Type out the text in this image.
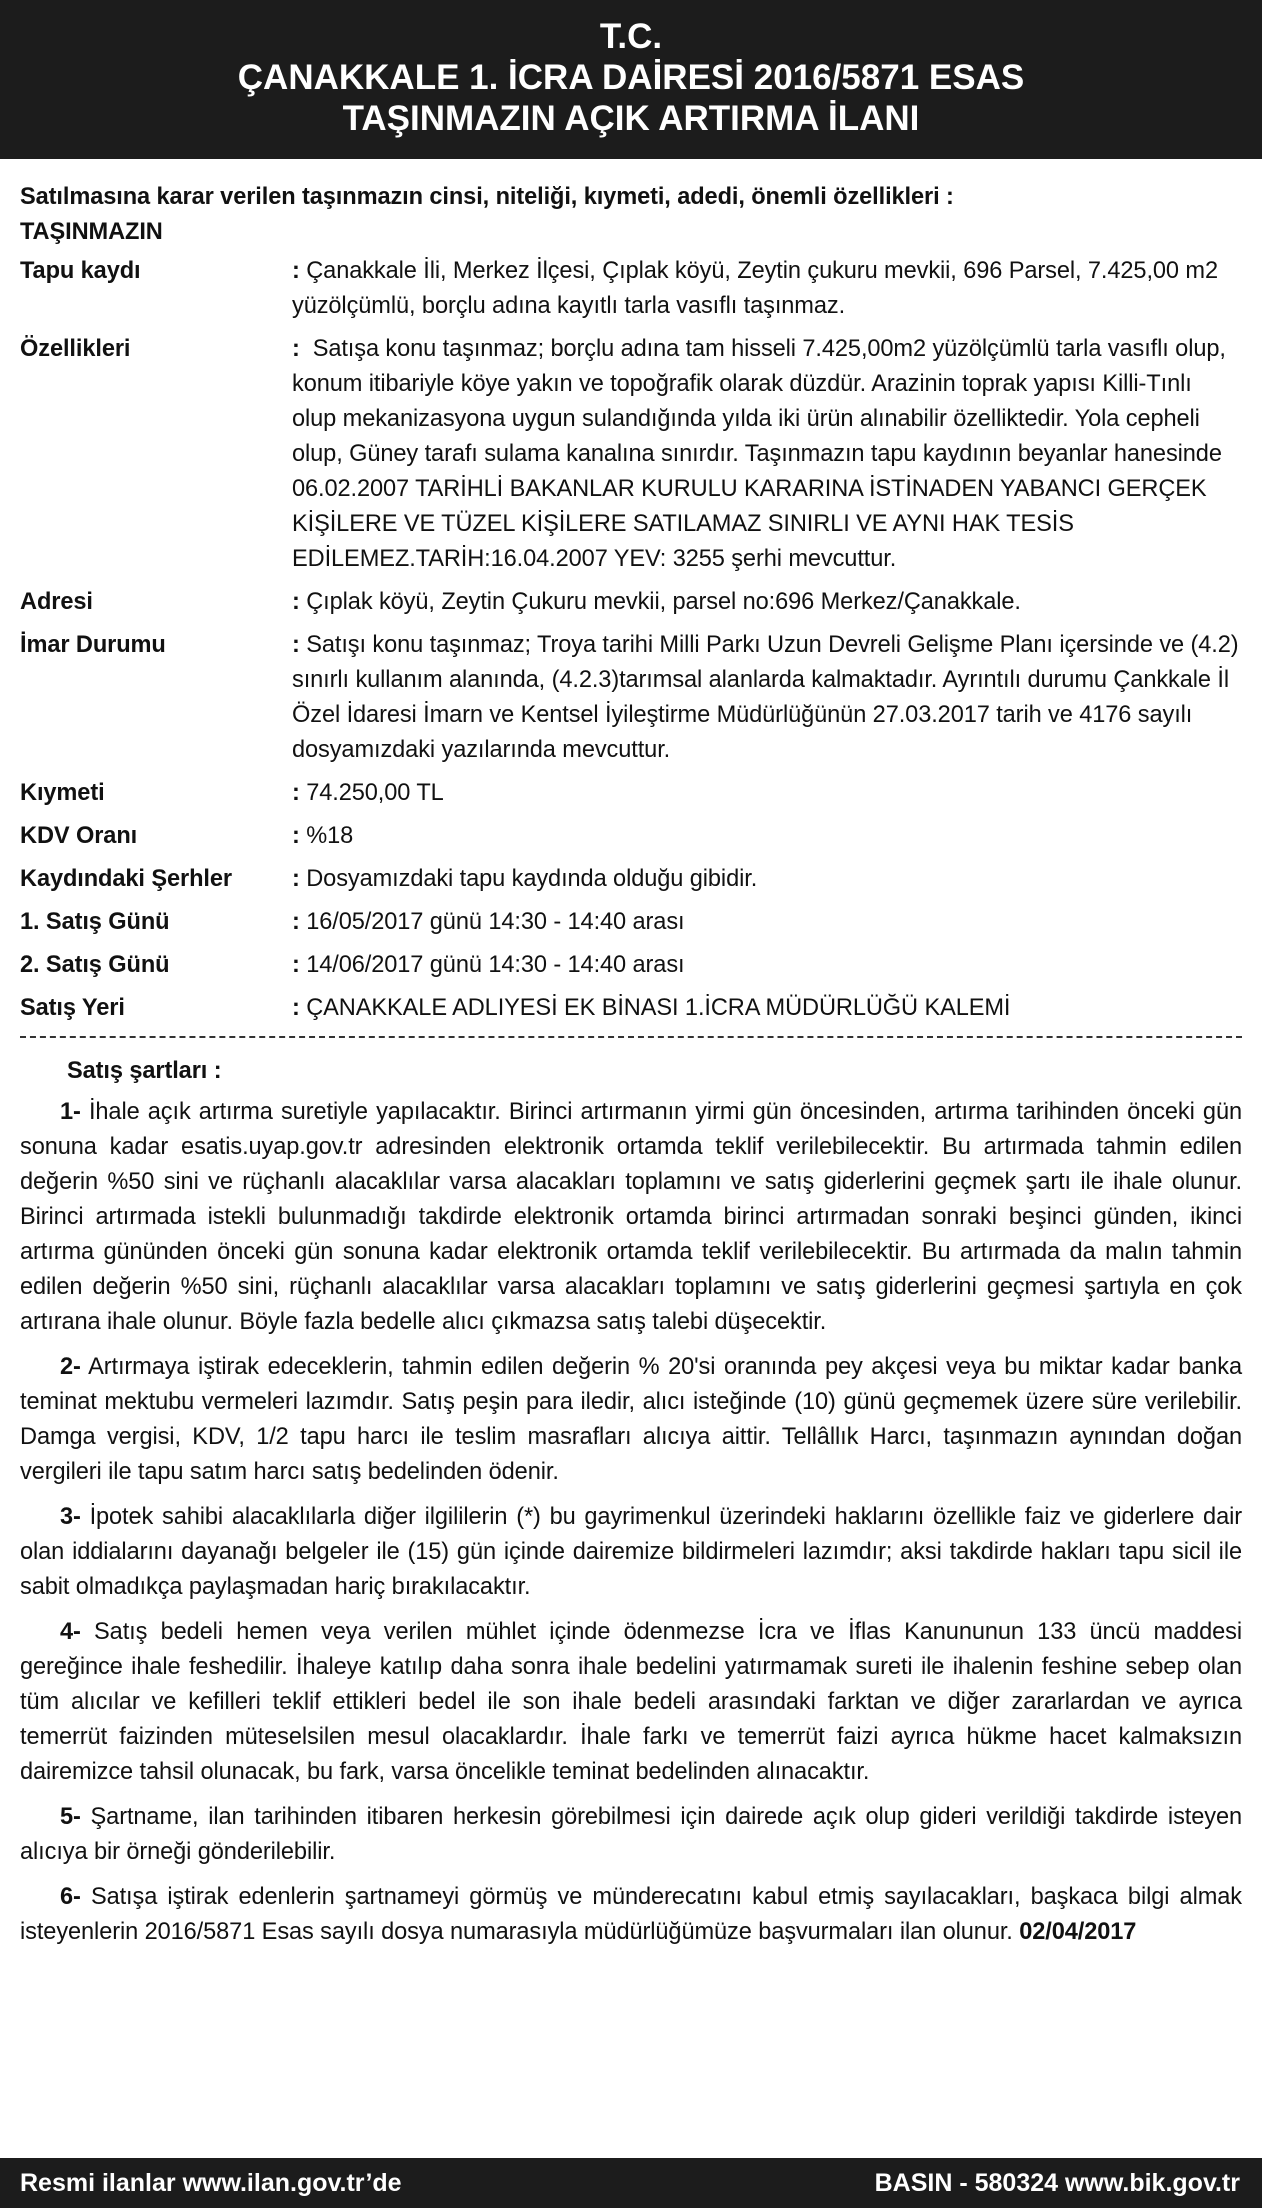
T.C.
ÇANAKKALE 1. İCRA DAİRESİ 2016/5871 ESAS
TAŞINMAZIN AÇIK ARTIRMA İLANI

Satılmasına karar verilen taşınmazın cinsi, niteliği, kıymeti, adedi, önemli özellikleri :

TAŞINMAZIN

Tapu kaydı	: Çanakkale İli, Merkez İlçesi, Çıplak köyü, Zeytin çukuru mevkii, 696 Parsel, 7.425,00 m2 yüzölçümlü, borçlu adına kayıtlı tarla vasıflı taşınmaz.
Özellikleri	: Satışa konu taşınmaz; borçlu adına tam hisseli 7.425,00m2 yüzölçümlü tarla vasıflı olup, konum itibariyle köye yakın ve topoğrafik olarak düzdür. Arazinin toprak yapısı Killi-Tınlı olup mekanizasyona uygun sulandığında yılda iki ürün alınabilir özelliktedir. Yola cepheli olup, Güney tarafı sulama kanalına sınırdır. Taşınmazın tapu kaydının beyanlar hanesinde 06.02.2007 TARİHLİ BAKANLAR KURULU KARARINA İSTİNADEN YABANCI GERÇEK KİŞİLERE VE TÜZEL KİŞİLERE SATILAMAZ SINIRLI VE AYNI HAK TESİS EDİLEMEZ.TARİH:16.04.2007 YEV: 3255 şerhi mevcuttur.
Adresi	: Çıplak köyü, Zeytin Çukuru mevkii, parsel no:696 Merkez/Çanakkale.
İmar Durumu	: Satışı konu taşınmaz; Troya tarihi Milli Parkı Uzun Devreli Gelişme Planı içersinde ve (4.2) sınırlı kullanım alanında, (4.2.3)tarımsal alanlarda kalmaktadır. Ayrıntılı durumu Çankkale İl Özel İdaresi İmarn ve Kentsel İyileştirme Müdürlüğünün 27.03.2017 tarih ve 4176 sayılı dosyamızdaki yazılarında mevcuttur.
Kıymeti	: 74.250,00 TL
KDV Oranı	: %18
Kaydındaki Şerhler	: Dosyamızdaki tapu kaydında olduğu gibidir.
1. Satış Günü	: 16/05/2017 günü 14:30 - 14:40 arası
2. Satış Günü	: 14/06/2017 günü 14:30 - 14:40 arası
Satış Yeri	: ÇANAKKALE ADLIYESİ EK BİNASI 1.İCRA MÜDÜRLÜĞÜ KALEMİ

Satış şartları :

1- İhale açık artırma suretiyle yapılacaktır. Birinci artırmanın yirmi gün öncesinden, artırma tarihinden önceki gün sonuna kadar esatis.uyap.gov.tr adresinden elektronik ortamda teklif verilebilecektir. Bu artırmada tahmin edilen değerin %50 sini ve rüçhanlı alacaklılar varsa alacakları toplamını ve satış giderlerini geçmek şartı ile ihale olunur. Birinci artırmada istekli bulunmadığı takdirde elektronik ortamda birinci artırmadan sonraki beşinci günden, ikinci artırma gününden önceki gün sonuna kadar elektronik ortamda teklif verilebilecektir. Bu artırmada da malın tahmin edilen değerin %50 sini, rüçhanlı alacaklılar varsa alacakları toplamını ve satış giderlerini geçmesi şartıyla en çok artırana ihale olunur. Böyle fazla bedelle alıcı çıkmazsa satış talebi düşecektir.

2- Artırmaya iştirak edeceklerin, tahmin edilen değerin % 20'si oranında pey akçesi veya bu miktar kadar banka teminat mektubu vermeleri lazımdır. Satış peşin para iledir, alıcı isteğinde (10) günü geçmemek üzere süre verilebilir. Damga vergisi, KDV, 1/2 tapu harcı ile teslim masrafları alıcıya aittir. Tellâllık Harcı, taşınmazın aynından doğan vergileri ile tapu satım harcı satış bedelinden ödenir.

3- İpotek sahibi alacaklılarla diğer ilgililerin (*) bu gayrimenkul üzerindeki haklarını özellikle faiz ve giderlere dair olan iddialarını dayanağı belgeler ile (15) gün içinde dairemize bildirmeleri lazımdır; aksi takdirde hakları tapu sicil ile sabit olmadıkça paylaşmadan hariç bırakılacaktır.

4- Satış bedeli hemen veya verilen mühlet içinde ödenmezse İcra ve İflas Kanununun 133 üncü maddesi gereğince ihale feshedilir. İhaleye katılıp daha sonra ihale bedelini yatırmamak sureti ile ihalenin feshine sebep olan tüm alıcılar ve kefilleri teklif ettikleri bedel ile son ihale bedeli arasındaki farktan ve diğer zararlardan ve ayrıca temerrüt faizinden müteselsilen mesul olacaklardır. İhale farkı ve temerrüt faizi ayrıca hükme hacet kalmaksızın dairemizce tahsil olunacak, bu fark, varsa öncelikle teminat bedelinden alınacaktır.

5- Şartname, ilan tarihinden itibaren herkesin görebilmesi için dairede açık olup gideri verildiği takdirde isteyen alıcıya bir örneği gönderilebilir.

6- Satışa iştirak edenlerin şartnameyi görmüş ve münderecatını kabul etmiş sayılacakları, başkaca bilgi almak isteyenlerin 2016/5871 Esas sayılı dosya numarasıyla müdürlüğümüze başvurmaları ilan olunur. 02/04/2017

Resmi ilanlar www.ilan.gov.tr’de	BASIN - 580324 www.bik.gov.tr
